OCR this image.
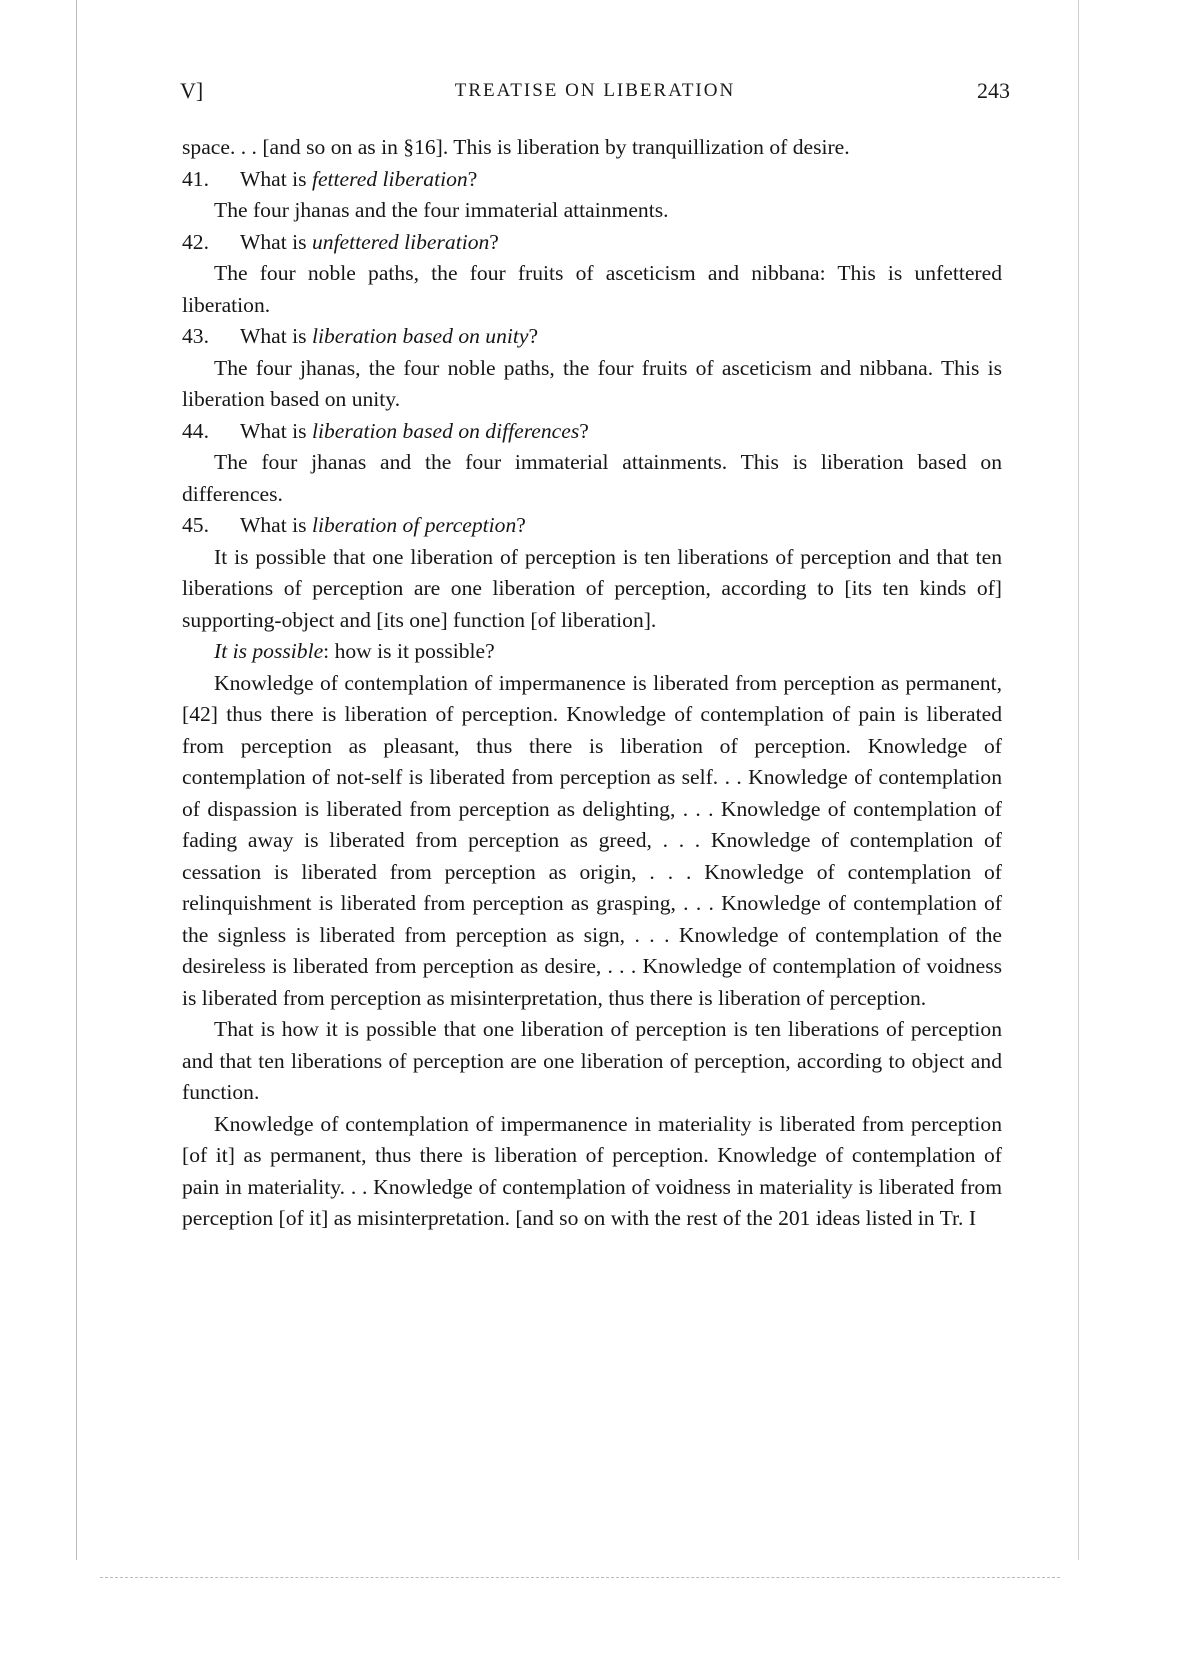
V]	TREATISE ON LIBERATION	243

space. . . [and so on as in §16]. This is liberation by tranquillization of desire.

41. What is fettered liberation?

The four jhanas and the four immaterial attainments.

42. What is unfettered liberation?

The four noble paths, the four fruits of asceticism and nibbana: This is unfettered liberation.

43. What is liberation based on unity?

The four jhanas, the four noble paths, the four fruits of asceticism and nibbana. This is liberation based on unity.

44. What is liberation based on differences?

The four jhanas and the four immaterial attainments. This is liberation based on differences.

45. What is liberation of perception?

It is possible that one liberation of perception is ten liberations of perception and that ten liberations of perception are one liberation of perception, according to [its ten kinds of] supporting-object and [its one] function [of liberation].

It is possible: how is it possible?

Knowledge of contemplation of impermanence is liberated from perception as permanent, [42] thus there is liberation of perception. Knowledge of contemplation of pain is liberated from perception as pleasant, thus there is liberation of perception. Knowledge of contemplation of not-self is liberated from perception as self. . . Knowledge of contemplation of dispassion is liberated from perception as delighting, . . . Knowledge of contemplation of fading away is liberated from perception as greed, . . . Knowledge of contemplation of cessation is liberated from perception as origin, . . . Knowledge of contemplation of relinquishment is liberated from perception as grasping, . . . Knowledge of contemplation of the signless is liberated from perception as sign, . . . Knowledge of contemplation of the desireless is liberated from perception as desire, . . . Knowledge of contemplation of voidness is liberated from perception as misinterpretation, thus there is liberation of perception.

That is how it is possible that one liberation of perception is ten liberations of perception and that ten liberations of perception are one liberation of perception, according to object and function.

Knowledge of contemplation of impermanence in materiality is liberated from perception [of it] as permanent, thus there is liberation of perception. Knowledge of contemplation of pain in materiality. . . Knowledge of contemplation of voidness in materiality is liberated from perception [of it] as misinterpretation. [and so on with the rest of the 201 ideas listed in Tr. I
